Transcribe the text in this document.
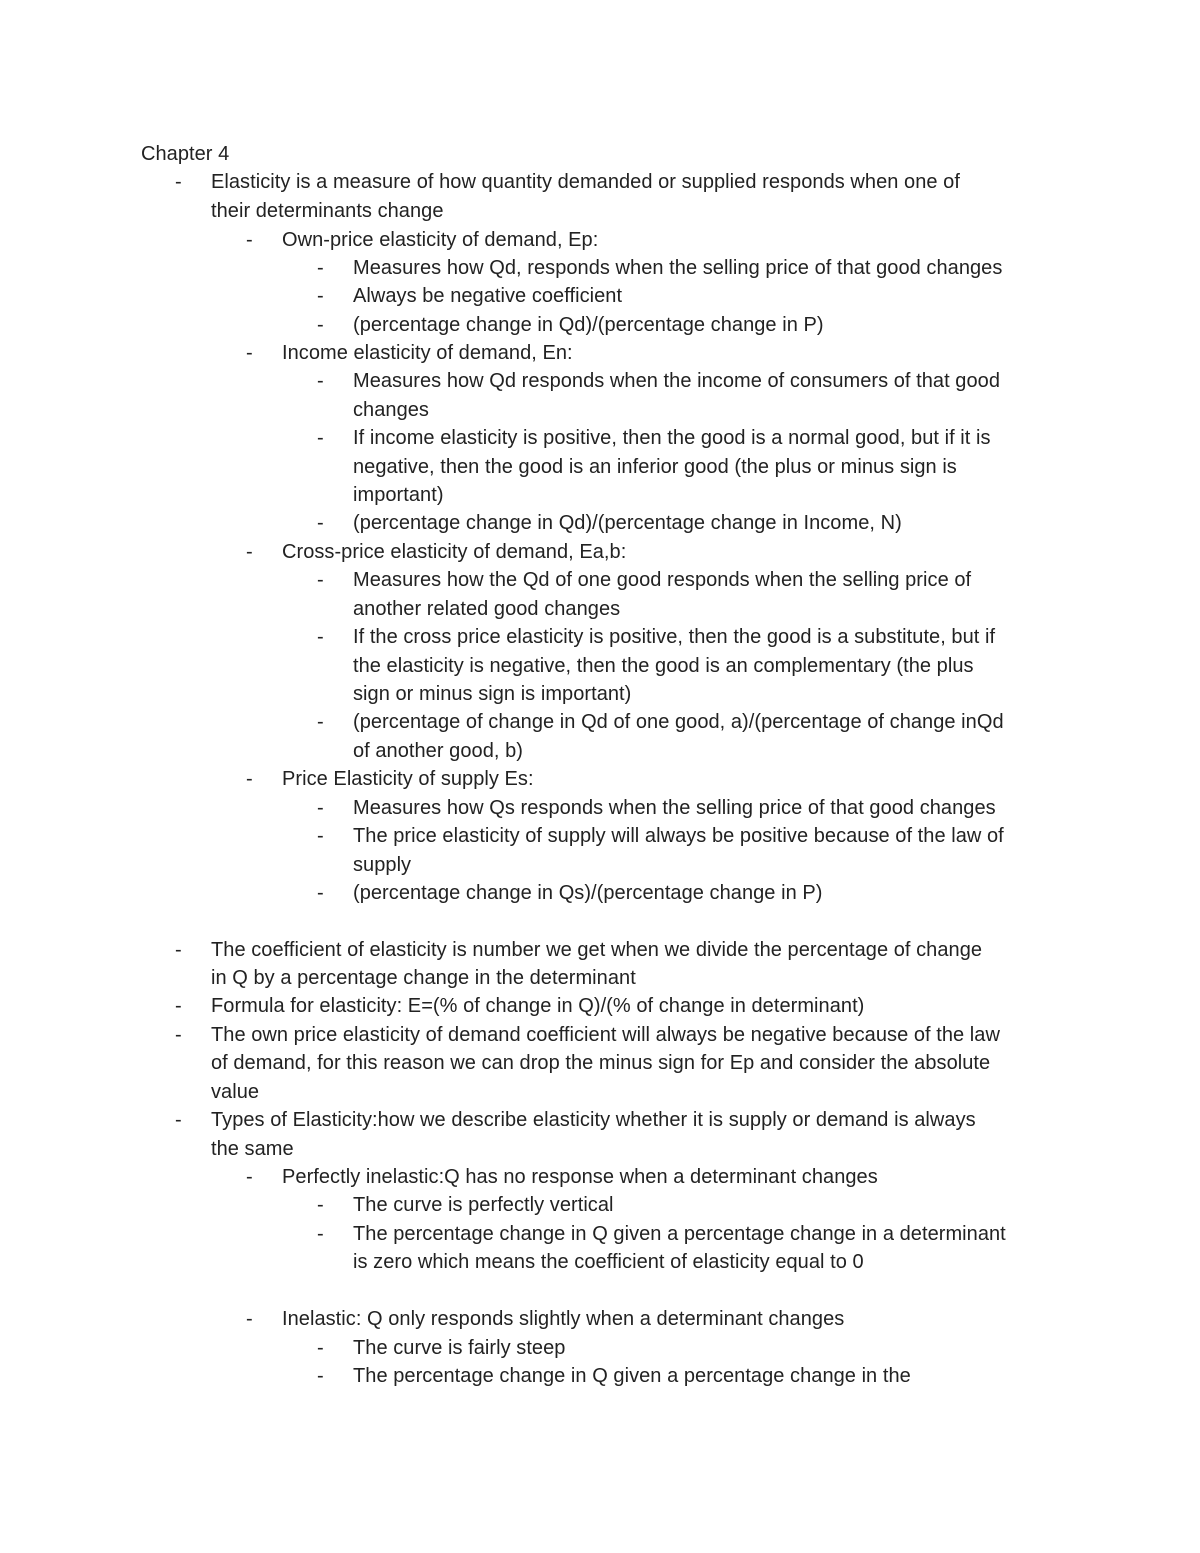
Chapter 4
- Elasticity is a measure of how quantity demanded or supplied responds when one of
their determinants change
- Own-price elasticity of demand, Ep:
- Measures how Qd, responds when the selling price of that good changes
- Always be negative coefficient
- (percentage change in Qd)/(percentage change in P)
- Income elasticity of demand, En:
- Measures how Qd responds when the income of consumers of that good
changes
- If income elasticity is positive, then the good is a normal good, but if it is
negative, then the good is an inferior good (the plus or minus sign is
important)
- (percentage change in Qd)/(percentage change in Income, N)
- Cross-price elasticity of demand, Ea,b:
- Measures how the Qd of one good responds when the selling price of
another related good changes
- If the cross price elasticity is positive, then the good is a substitute, but if
the elasticity is negative, then the good is an complementary (the plus
sign or minus sign is important)
- (percentage of change in Qd of one good, a)/(percentage of change inQd
of another good, b)
- Price Elasticity of supply Es:
- Measures how Qs responds when the selling price of that good changes
- The price elasticity of supply will always be positive because of the law of
supply
- (percentage change in Qs)/(percentage change in P)
- The coefficient of elasticity is number we get when we divide the percentage of change
in Q by a percentage change in the determinant
- Formula for elasticity: E=(% of change in Q)/(% of change in determinant)
- The own price elasticity of demand coefficient will always be negative because of the law
of demand, for this reason we can drop the minus sign for Ep and consider the absolute
value
- Types of Elasticity:how we describe elasticity whether it is supply or demand is always
the same
- Perfectly inelastic:Q has no response when a determinant changes
- The curve is perfectly vertical
- The percentage change in Q given a percentage change in a determinant
is zero which means the coefficient of elasticity equal to 0
- Inelastic: Q only responds slightly when a determinant changes
- The curve is fairly steep
- The percentage change in Q given a percentage change in the
